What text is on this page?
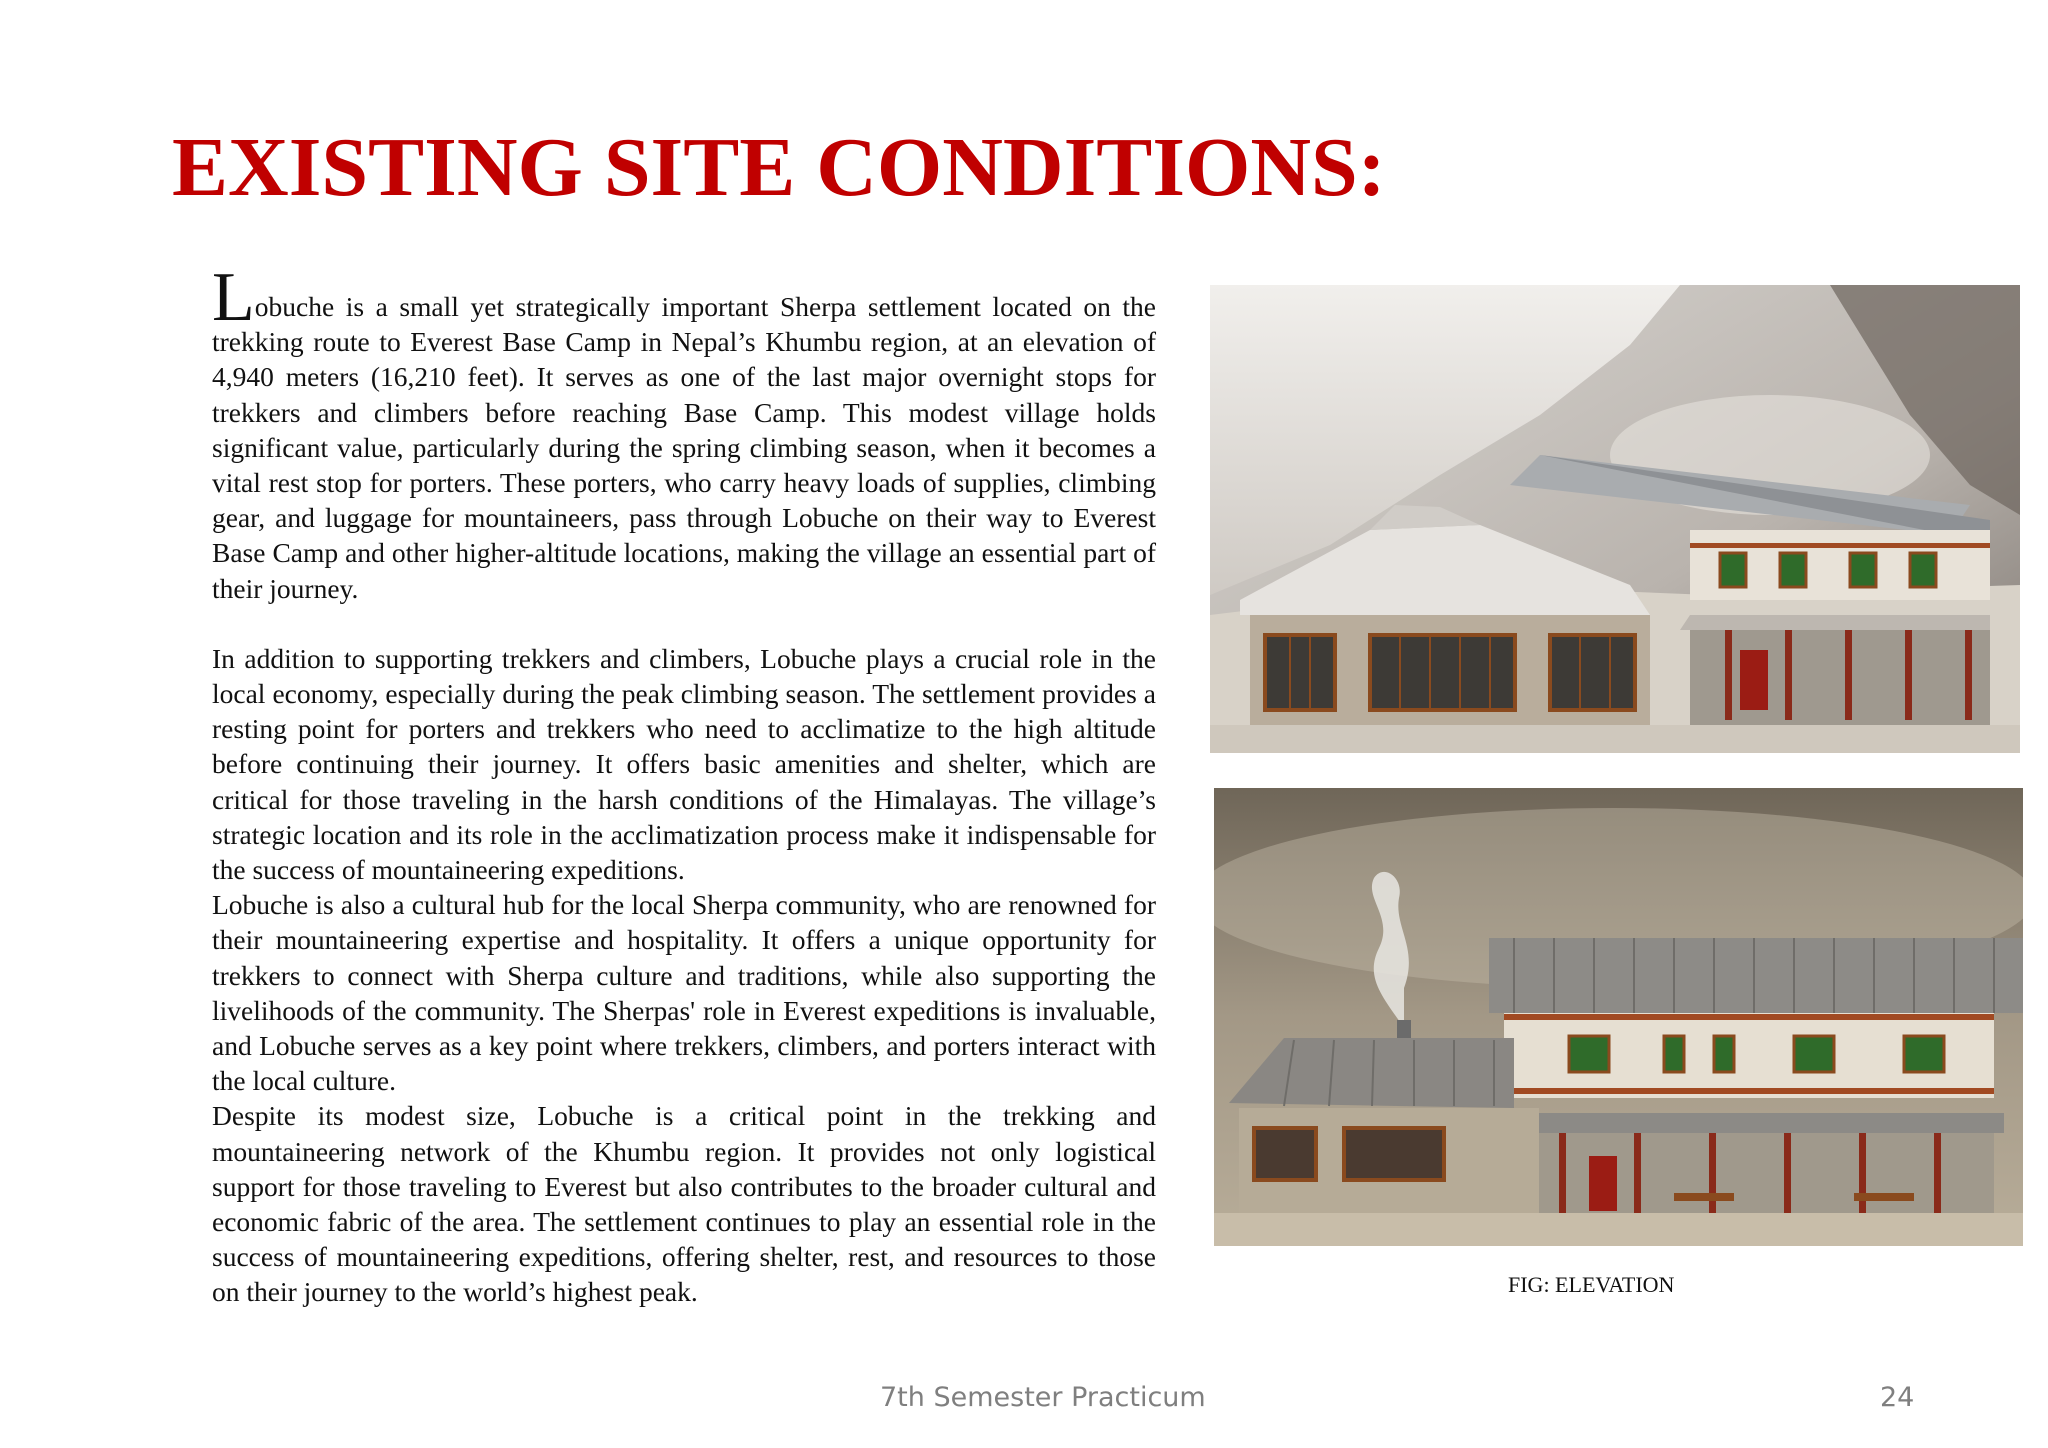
EXISTING SITE CONDITIONS:

Lobuche is a small yet strategically important Sherpa settlement located on the trekking route to Everest Base Camp in Nepal’s Khumbu region, at an elevation of 4,940 meters (16,210 feet). It serves as one of the last major overnight stops for trekkers and climbers before reaching Base Camp. This modest village holds significant value, particularly during the spring climbing season, when it becomes a vital rest stop for porters. These porters, who carry heavy loads of supplies, climbing gear, and luggage for mountaineers, pass through Lobuche on their way to Everest Base Camp and other higher-altitude locations, making the village an essential part of their journey.

In addition to supporting trekkers and climbers, Lobuche plays a crucial role in the local economy, especially during the peak climbing season. The settlement provides a resting point for porters and trekkers who need to acclimatize to the high altitude before continuing their journey. It offers basic amenities and shelter, which are critical for those traveling in the harsh conditions of the Himalayas. The village’s strategic location and its role in the acclimatization process make it indispensable for the success of mountaineering expeditions.

Lobuche is also a cultural hub for the local Sherpa community, who are renowned for their mountaineering expertise and hospitality. It offers a unique opportunity for trekkers to connect with Sherpa culture and traditions, while also supporting the livelihoods of the community. The Sherpas' role in Everest expeditions is invaluable, and Lobuche serves as a key point where trekkers, climbers, and porters interact with the local culture.

Despite its modest size, Lobuche is a critical point in the trekking and mountaineering network of the Khumbu region. It provides not only logistical support for those traveling to Everest but also contributes to the broader cultural and economic fabric of the area. The settlement continues to play an essential role in the success of mountaineering expeditions, offering shelter, rest, and resources to those on their journey to the world’s highest peak.	FIG: ELEVATION
7th Semester Practicum	24
